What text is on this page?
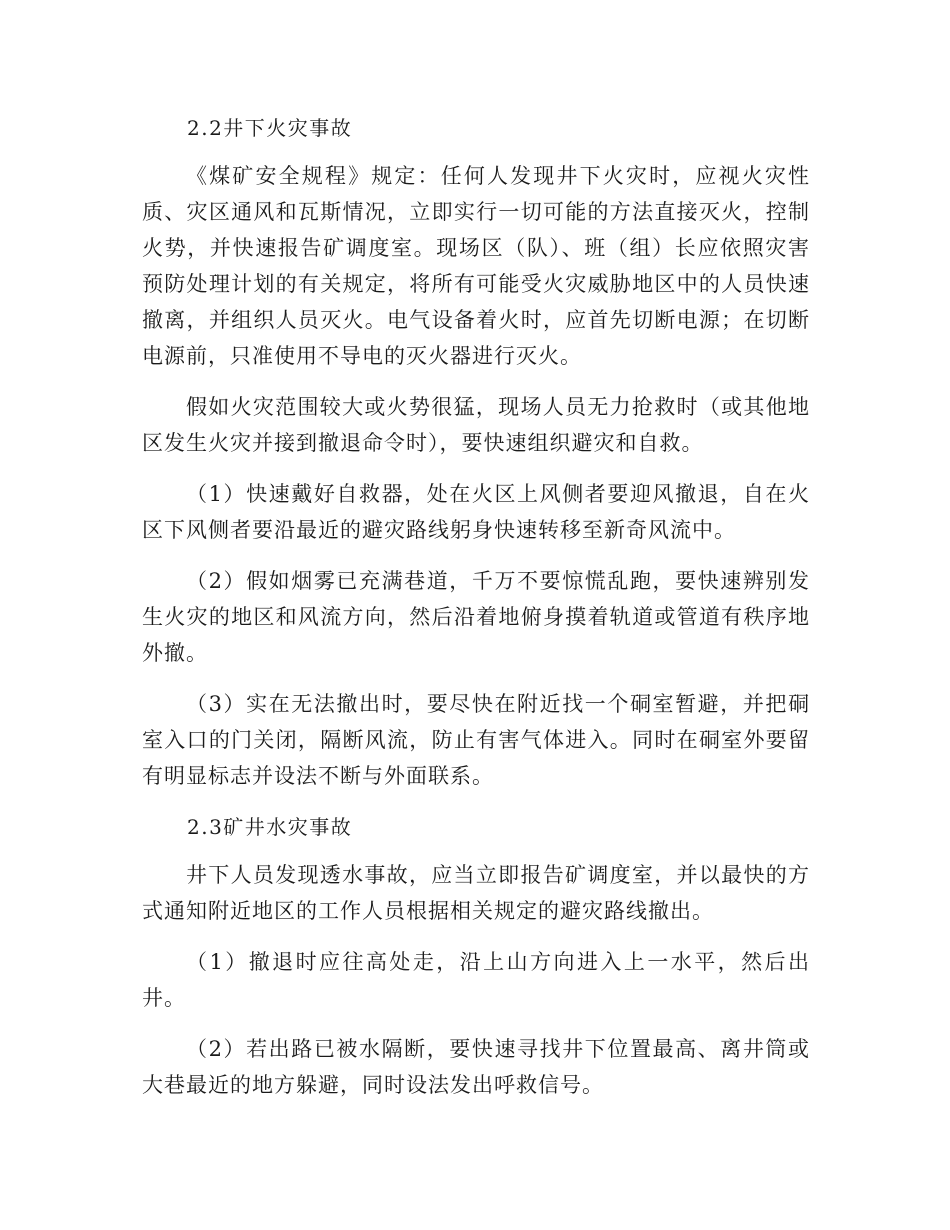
2.2井下火灾事故

《煤矿安全规程》规定：任何人发现井下火灾时，应视火灾性质、灾区通风和瓦斯情况，立即实行一切可能的方法直接灭火，控制火势，并快速报告矿调度室。现场区（队）、班（组）长应依照灾害预防处理计划的有关规定，将所有可能受火灾威胁地区中的人员快速撤离，并组织人员灭火。电气设备着火时，应首先切断电源；在切断电源前，只准使用不导电的灭火器进行灭火。

假如火灾范围较大或火势很猛，现场人员无力抢救时（或其他地区发生火灾并接到撤退命令时），要快速组织避灾和自救。

（1）快速戴好自救器，处在火区上风侧者要迎风撤退，自在火区下风侧者要沿最近的避灾路线躬身快速转移至新奇风流中。

（2）假如烟雾已充满巷道，千万不要惊慌乱跑，要快速辨别发生火灾的地区和风流方向，然后沿着地俯身摸着轨道或管道有秩序地外撤。

（3）实在无法撤出时，要尽快在附近找一个硐室暂避，并把硐室入口的门关闭，隔断风流，防止有害气体进入。同时在硐室外要留有明显标志并设法不断与外面联系。

2.3矿井水灾事故

井下人员发现透水事故，应当立即报告矿调度室，并以最快的方式通知附近地区的工作人员根据相关规定的避灾路线撤出。

（1）撤退时应往高处走，沿上山方向进入上一水平，然后出井。

（2）若出路已被水隔断，要快速寻找井下位置最高、离井筒或大巷最近的地方躲避，同时设法发出呼救信号。
